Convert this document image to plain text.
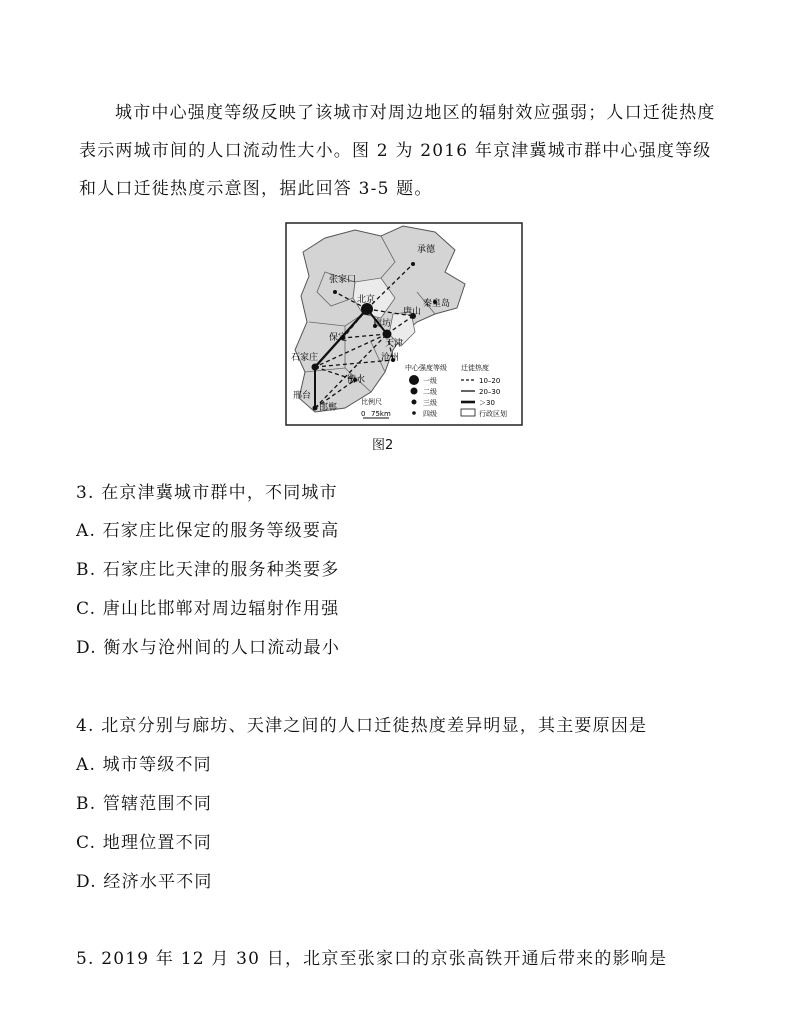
城市中心强度等级反映了该城市对周边地区的辐射效应强弱；人口迁徙热度表示两城市间的人口流动性大小。图 2 为 2016 年京津冀城市群中心强度等级和人口迁徙热度示意图，据此回答 3-5 题。

承德
张家口
北京	秦皇岛
唐山
廊坊
保定
天津
石家庄	沧州
衡水
邢台
邯郸
比例尺
0 75km
中心强度等级 迁徙热度
一级
二级
三级
四级
10–20
20–30
＞30
行政区划
图2

3. 在京津冀城市群中，不同城市

A. 石家庄比保定的服务等级要高

B. 石家庄比天津的服务种类要多

C. 唐山比邯郸对周边辐射作用强

D. 衡水与沧州间的人口流动最小

4. 北京分别与廊坊、天津之间的人口迁徙热度差异明显，其主要原因是

A. 城市等级不同

B. 管辖范围不同

C. 地理位置不同

D. 经济水平不同

5. 2019 年 12 月 30 日，北京至张家口的京张高铁开通后带来的影响是
